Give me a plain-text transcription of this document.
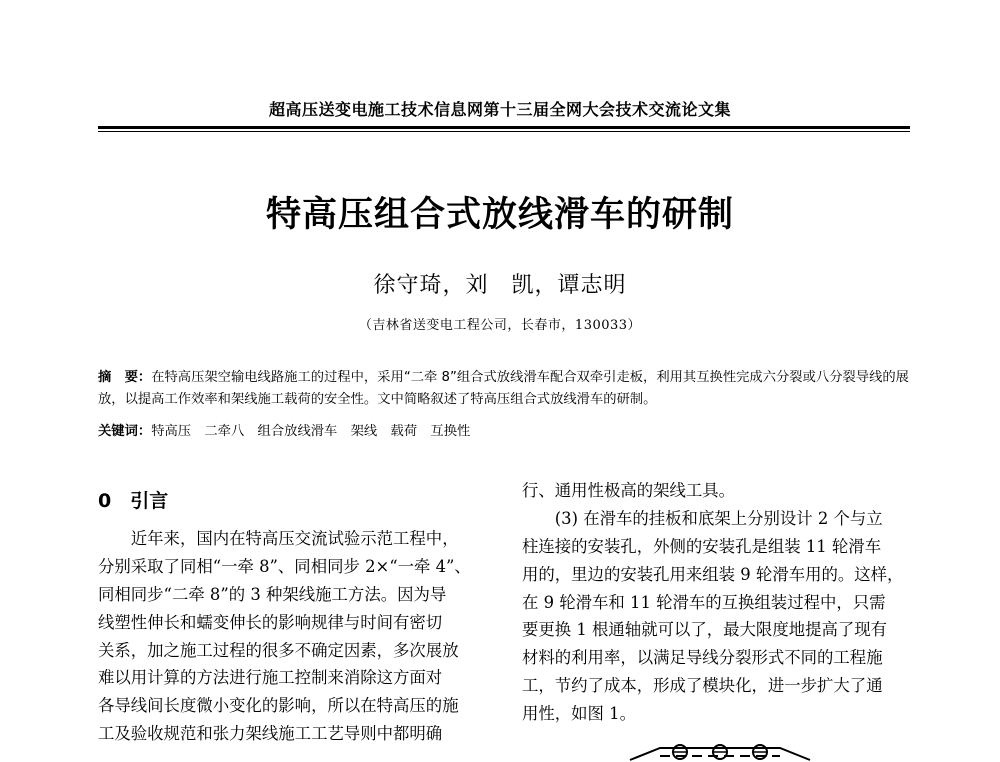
超高压送变电施工技术信息网第十三届全网大会技术交流论文集
特高压组合式放线滑车的研制
徐守琦，刘　凯，谭志明
（吉林省送变电工程公司，长春市，130033）
摘　要：在特高压架空输电线路施工的过程中，采用“二牵 8”组合式放线滑车配合双牵引走板，利用其互换性完成六分裂或八分裂导线的展放，以提高工作效率和架线施工载荷的安全性。文中简略叙述了特高压组合式放线滑车的研制。
关键词：特高压　二牵八　组合放线滑车　架线　载荷　互换性
0　引言
　　近年来，国内在特高压交流试验示范工程中，
分别采取了同相“一牵 8”、同相同步 2×“一牵 4”、
同相同步“二牵 8”的 3 种架线施工方法。因为导
线塑性伸长和蠕变伸长的影响规律与时间有密切
关系，加之施工过程的很多不确定因素，多次展放
难以用计算的方法进行施工控制来消除这方面对
各导线间长度微小变化的影响，所以在特高压的施
工及验收规范和张力架线施工工艺导则中都明确
行、通用性极高的架线工具。
　　(3) 在滑车的挂板和底架上分别设计 2 个与立
柱连接的安装孔，外侧的安装孔是组装 11 轮滑车
用的，里边的安装孔用来组装 9 轮滑车用的。这样，
在 9 轮滑车和 11 轮滑车的互换组装过程中，只需
要更换 1 根通轴就可以了，最大限度地提高了现有
材料的利用率，以满足导线分裂形式不同的工程施
工，节约了成本，形成了模块化，进一步扩大了通
用性，如图 1。
